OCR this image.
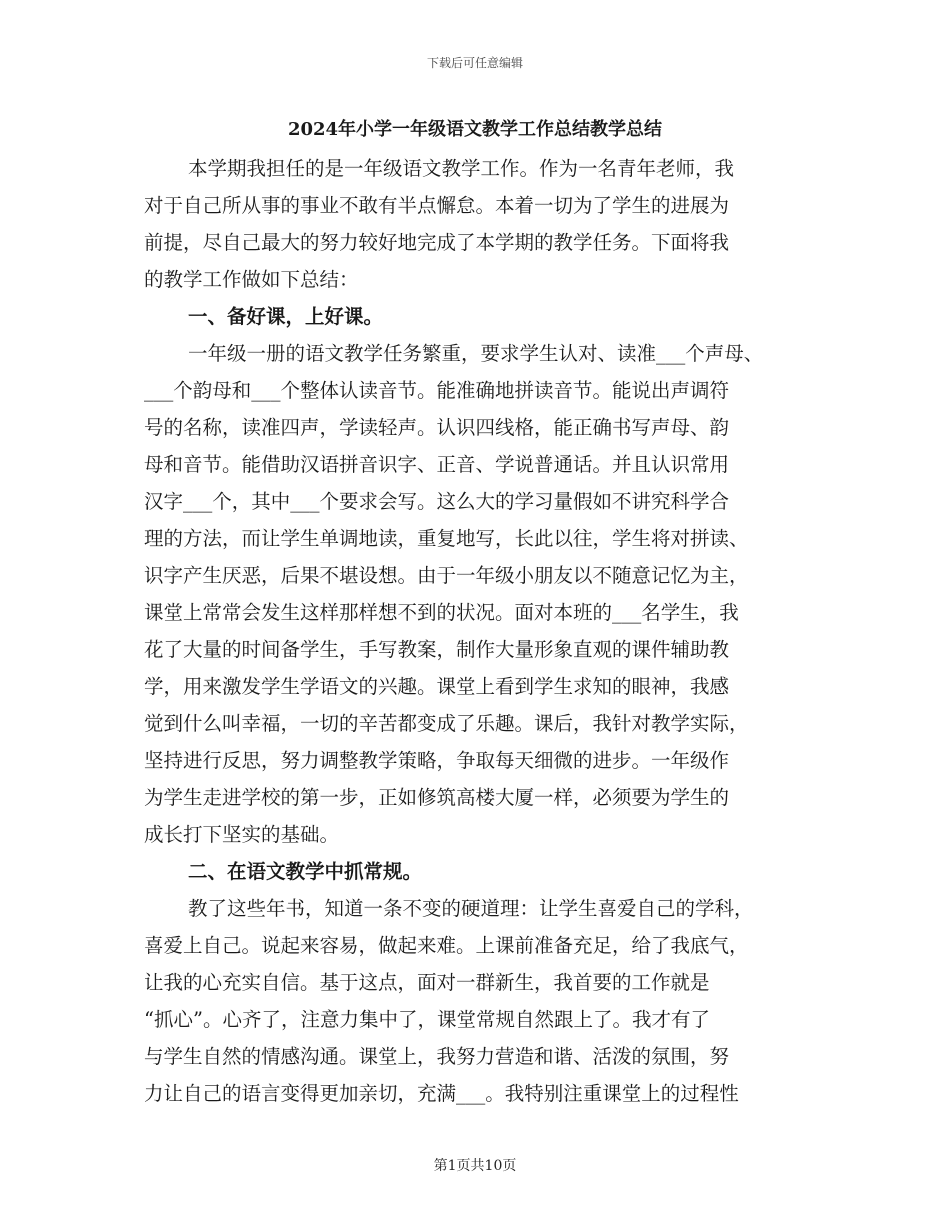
下载后可任意编辑
2024年小学一年级语文教学工作总结教学总结
本学期我担任的是一年级语文教学工作。作为一名青年老师，我
对于自己所从事的事业不敢有半点懈怠。本着一切为了学生的进展为
前提，尽自己最大的努力较好地完成了本学期的教学任务。下面将我
的教学工作做如下总结：
一、备好课，上好课。
一年级一册的语文教学任务繁重，要求学生认对、读准___个声母、
___个韵母和___个整体认读音节。能准确地拼读音节。能说出声调符
号的名称，读准四声，学读轻声。认识四线格，能正确书写声母、韵
母和音节。能借助汉语拼音识字、正音、学说普通话。并且认识常用
汉字___个，其中___个要求会写。这么大的学习量假如不讲究科学合
理的方法，而让学生单调地读，重复地写，长此以往，学生将对拼读、
识字产生厌恶，后果不堪设想。由于一年级小朋友以不随意记忆为主，
课堂上常常会发生这样那样想不到的状况。面对本班的___名学生，我
花了大量的时间备学生，手写教案，制作大量形象直观的课件辅助教
学，用来激发学生学语文的兴趣。课堂上看到学生求知的眼神，我感
觉到什么叫幸福，一切的辛苦都变成了乐趣。课后，我针对教学实际，
坚持进行反思，努力调整教学策略，争取每天细微的进步。一年级作
为学生走进学校的第一步，正如修筑高楼大厦一样，必须要为学生的
成长打下坚实的基础。
二、在语文教学中抓常规。
教了这些年书，知道一条不变的硬道理：让学生喜爱自己的学科，
喜爱上自己。说起来容易，做起来难。上课前准备充足，给了我底气，
让我的心充实自信。基于这点，面对一群新生，我首要的工作就是
“抓心”。心齐了，注意力集中了，课堂常规自然跟上了。我才有了
与学生自然的情感沟通。课堂上，我努力营造和谐、活泼的氛围，努
力让自己的语言变得更加亲切，充满___。我特别注重课堂上的过程性
第1页共10页
